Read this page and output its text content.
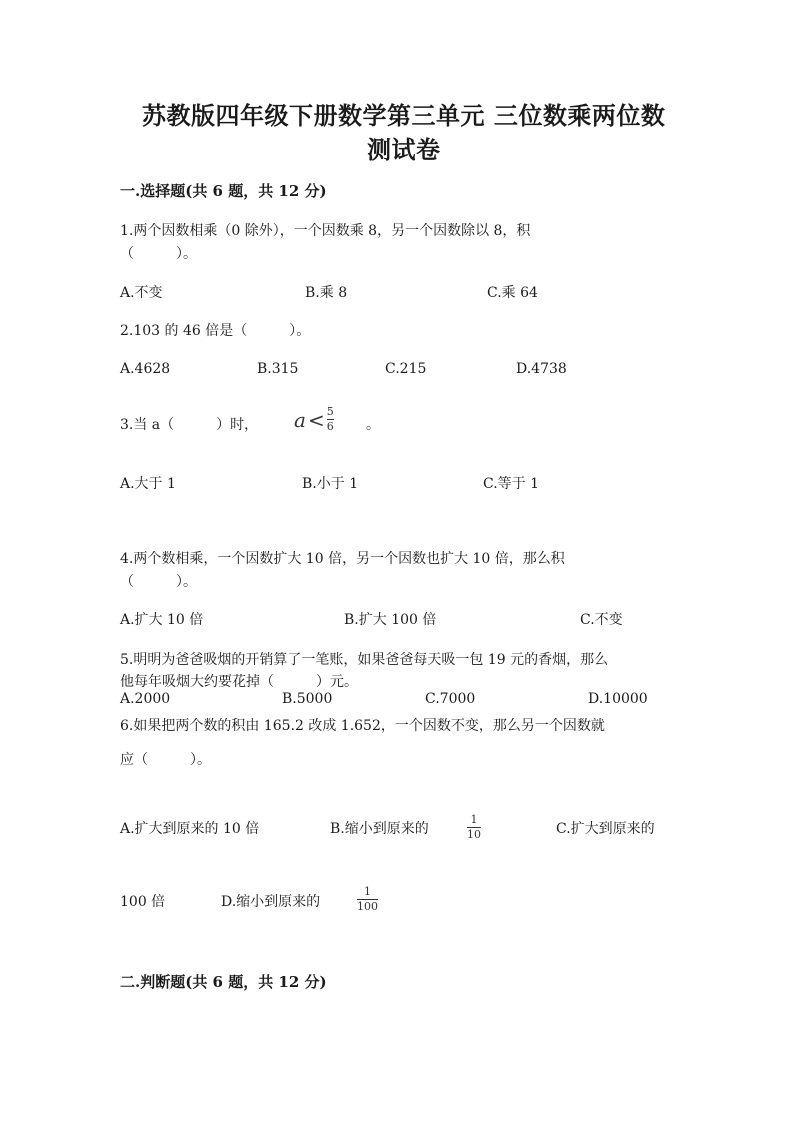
苏教版四年级下册数学第三单元 三位数乘两位数
测试卷
一.选择题(共 6 题，共 12 分)
1.两个因数相乘（0 除外），一个因数乘 8，另一个因数除以 8，积
（　　　）。
A.不变	B.乘 8	C.乘 64
2.103 的 46 倍是（　　　）。
A.4628	B.315	C.215	D.4738
3.当 a（　　　）时， $a < \frac{5}{6}$ 。
A.大于 1	B.小于 1	C.等于 1
4.两个数相乘，一个因数扩大 10 倍，另一个因数也扩大 10 倍，那么积
（　　　）。
A.扩大 10 倍	B.扩大 100 倍	C.不变
5.明明为爸爸吸烟的开销算了一笔账，如果爸爸每天吸一包 19 元的香烟，那么
他每年吸烟大约要花掉（　　　）元。
A.2000	B.5000	C.7000	D.10000
6.如果把两个数的积由 165.2 改成 1.652，一个因数不变，那么另一个因数就
应（　　　）。
A.扩大到原来的 10 倍	B.缩小到原来的
1
10	C.扩大到原来的
100 倍	D.缩小到原来的
1
100
二.判断题(共 6 题，共 12 分)
